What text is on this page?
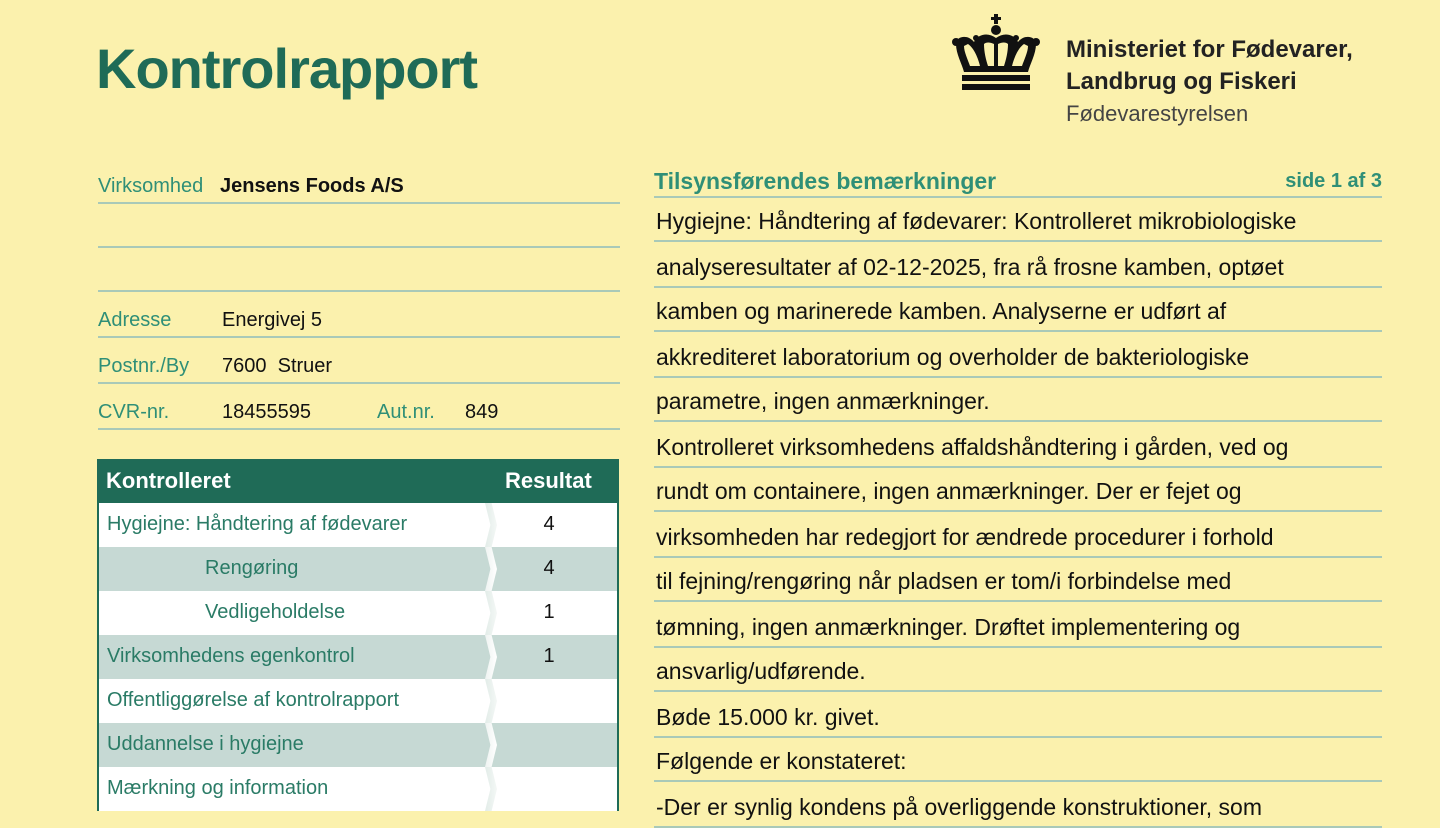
Kontrolrapport	Ministeriet for Fødevarer,
Landbrug og Fiskeri
Fødevarestyrelsen
Virksomhed Jensens Foods A/S
Adresse	Energivej 5
Postnr./By 7600  Struer
CVR-nr.	18455595	Aut.nr. 849
Kontrolleret	Resultat
Hygiejne: Håndtering af fødevarer	4
Rengøring	4
Vedligeholdelse	1
Virksomhedens egenkontrol	1
Offentliggørelse af kontrolrapport
Uddannelse i hygiejne
Mærkning og information
Tilsynsførendes bemærkninger	side 1 af 3
Hygiejne: Håndtering af fødevarer: Kontrolleret mikrobiologiske
analyseresultater af 02-12-2025, fra rå frosne kamben, optøet
kamben og marinerede kamben. Analyserne er udført af
akkrediteret laboratorium og overholder de bakteriologiske
parametre, ingen anmærkninger.
Kontrolleret virksomhedens affaldshåndtering i gården, ved og
rundt om containere, ingen anmærkninger. Der er fejet og
virksomheden har redegjort for ændrede procedurer i forhold
til fejning/rengøring når pladsen er tom/i forbindelse med
tømning, ingen anmærkninger. Drøftet implementering og
ansvarlig/udførende.
Bøde 15.000 kr. givet.
Følgende er konstateret:
-Der er synlig kondens på overliggende konstruktioner, som
